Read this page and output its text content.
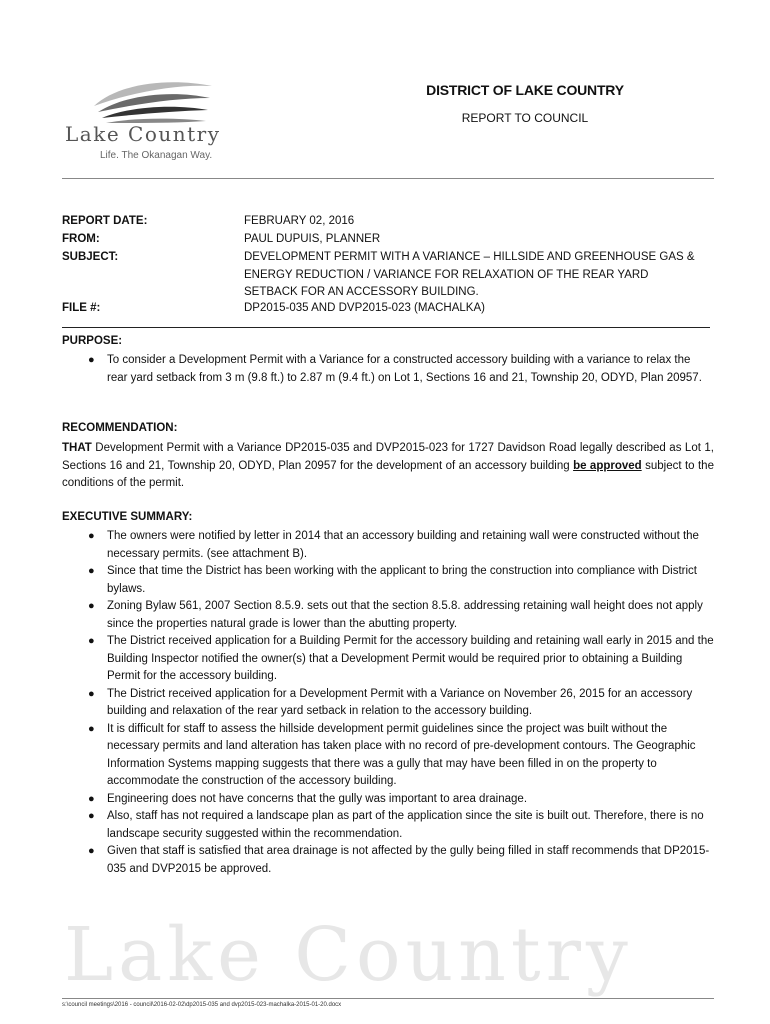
Lake Country
Life. The Okanagan Way.
DISTRICT OF LAKE COUNTRY
REPORT TO COUNCIL
REPORT DATE:	FEBRUARY 02, 2016
FROM:	PAUL DUPUIS, PLANNER
SUBJECT:	DEVELOPMENT PERMIT WITH A VARIANCE – HILLSIDE AND GREENHOUSE GAS & ENERGY REDUCTION / VARIANCE FOR RELAXATION OF THE REAR YARD SETBACK FOR AN ACCESSORY BUILDING.
FILE #:	DP2015-035 AND DVP2015-023 (MACHALKA)
PURPOSE:
● To consider a Development Permit with a Variance for a constructed accessory building with a variance to relax the rear yard setback from 3 m (9.8 ft.) to 2.87 m (9.4 ft.) on Lot 1, Sections 16 and 21, Township 20, ODYD, Plan 20957.
RECOMMENDATION:

THAT Development Permit with a Variance DP2015-035 and DVP2015-023 for 1727 Davidson Road legally described as Lot 1, Sections 16 and 21, Township 20, ODYD, Plan 20957 for the development of an accessory building be approved subject to the conditions of the permit.

EXECUTIVE SUMMARY:
● The owners were notified by letter in 2014 that an accessory building and retaining wall were constructed without the necessary permits. (see attachment B).
● Since that time the District has been working with the applicant to bring the construction into compliance with District bylaws.
● Zoning Bylaw 561, 2007 Section 8.5.9. sets out that the section 8.5.8. addressing retaining wall height does not apply since the properties natural grade is lower than the abutting property.
● The District received application for a Building Permit for the accessory building and retaining wall early in 2015 and the Building Inspector notified the owner(s) that a Development Permit would be required prior to obtaining a Building Permit for the accessory building.
● The District received application for a Development Permit with a Variance on November 26, 2015 for an accessory building and relaxation of the rear yard setback in relation to the accessory building.
● It is difficult for staff to assess the hillside development permit guidelines since the project was built without the necessary permits and land alteration has taken place with no record of pre-development contours. The Geographic Information Systems mapping suggests that there was a gully that may have been filled in on the property to accommodate the construction of the accessory building.
● Engineering does not have concerns that the gully was important to area drainage.
● Also, staff has not required a landscape plan as part of the application since the site is built out. Therefore, there is no landscape security suggested within the recommendation.
● Given that staff is satisfied that area drainage is not affected by the gully being filled in staff recommends that DP2015-035 and DVP2015 be approved.
Lake Country
s:\council meetings\2016 - council\2016-02-02\dp2015-035 and dvp2015-023-machalka-2015-01-20.docx
